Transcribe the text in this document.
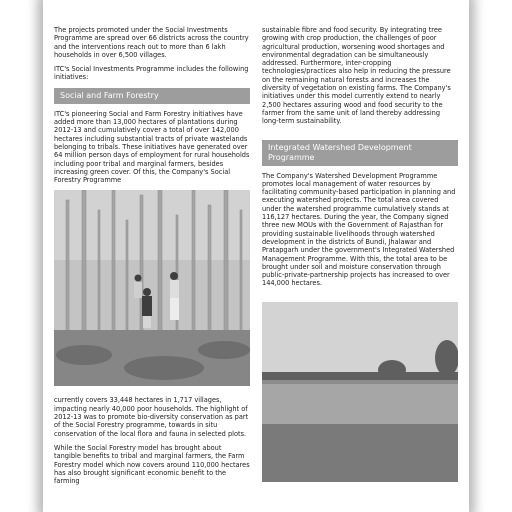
The projects promoted under the Social Investments Programme are spread over 66 districts across the country and the interventions reach out to more than 6 lakh households in over 6,500 villages.

ITC's Social Investments Programme includes the following initiatives:

Social and Farm Forestry

ITC's pioneering Social and Farm Forestry initiatives have added more than 13,000 hectares of plantations during 2012-13 and cumulatively cover a total of over 142,000 hectares including substantial tracts of private wastelands belonging to tribals. These initiatives have generated over 64 million person days of employment for rural households including poor tribal and marginal farmers, besides increasing green cover. Of this, the Company's Social Forestry Programme

currently covers 33,448 hectares in 1,717 villages, impacting nearly 40,000 poor households. The highlight of 2012-13 was to promote bio-diversity conservation as part of the Social Forestry programme, towards in situ conservation of the local flora and fauna in selected plots.

While the Social Forestry model has brought about tangible benefits to tribal and marginal farmers, the Farm Forestry model which now covers around 110,000 hectares has also brought significant economic benefit to the farming

sustainable fibre and food security. By integrating tree growing with crop production, the challenges of poor agricultural production, worsening wood shortages and environmental degradation can be simultaneously addressed. Furthermore, inter-cropping technologies/practices also help in reducing the pressure on the remaining natural forests and increases the diversity of vegetation on existing farms. The Company's initiatives under this model currently extend to nearly 2,500 hectares assuring wood and food security to the farmer from the same unit of land thereby addressing long-term sustainability.

Integrated Watershed Development Programme

The Company's Watershed Development Programme promotes local management of water resources by facilitating community-based participation in planning and executing watershed projects. The total area covered under the watershed programme cumulatively stands at 116,127 hectares. During the year, the Company signed three new MOUs with the Government of Rajasthan for providing sustainable livelihoods through watershed development in the districts of Bundi, Jhalawar and Pratapgarh under the government's Integrated Watershed Management Programme. With this, the total area to be brought under soil and moisture conservation through public-private-partnership projects has increased to over 144,000 hectares.
